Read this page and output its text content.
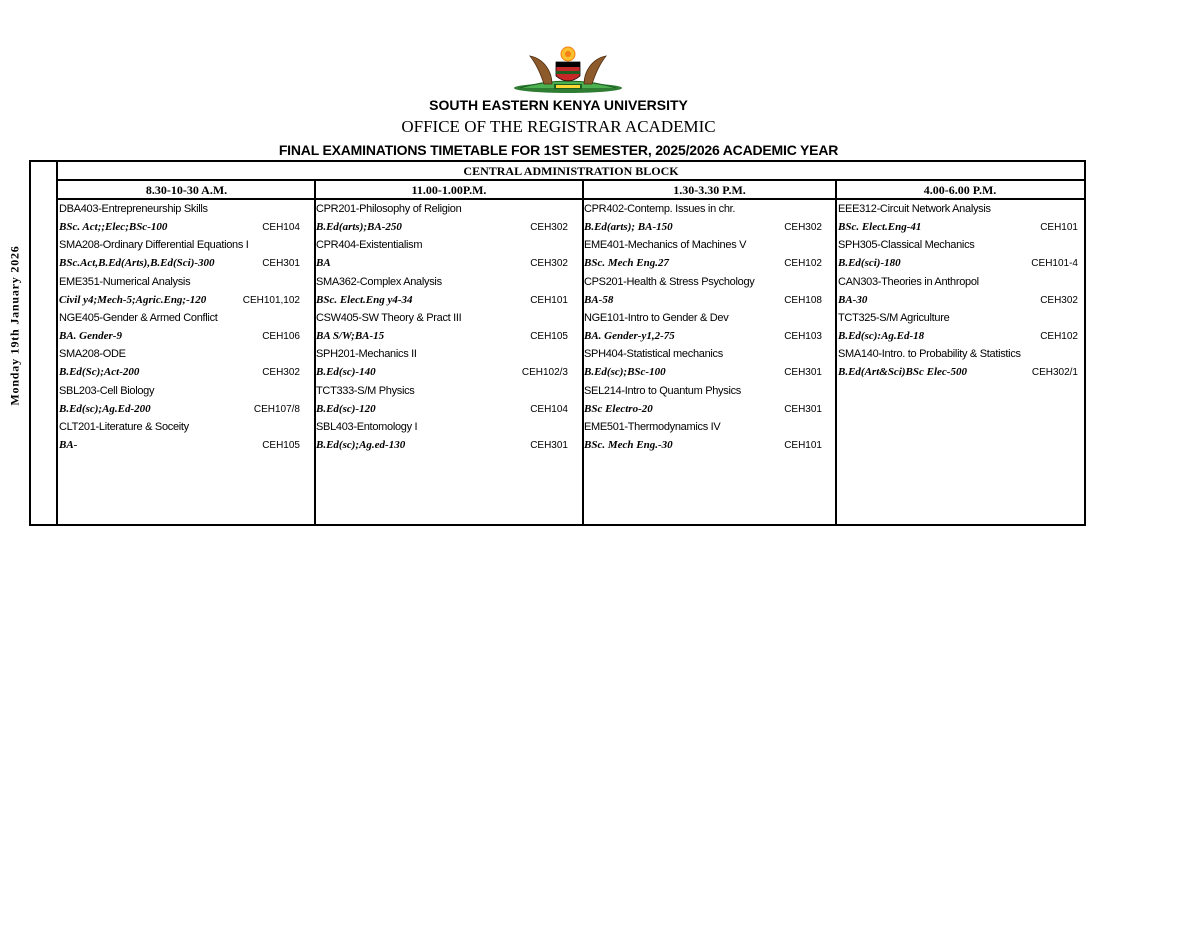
SOUTH EASTERN KENYA UNIVERSITY
OFFICE OF THE REGISTRAR ACADEMIC
FINAL EXAMINATIONS TIMETABLE FOR 1ST SEMESTER, 2025/2026 ACADEMIC YEAR
Monday 19th January 2026
CENTRAL ADMINISTRATION BLOCK
8.30-10-30 A.M.	11.00-1.00P.M.	1.30-3.30 P.M.	4.00-6.00 P.M.
DBA403-Entrepreneurship Skills
BSc. Act;;Elec;BSc-100	CEH104
SMA208-Ordinary Differential Equations I
BSc.Act,B.Ed(Arts),B.Ed(Sci)-300	CEH301
EME351-Numerical Analysis
Civil y4;Mech-5;Agric.Eng;-120	CEH101,102
NGE405-Gender & Armed Conflict
BA. Gender-9	CEH106
SMA208-ODE
B.Ed(Sc);Act-200	CEH302
SBL203-Cell Biology
B.Ed(sc);Ag.Ed-200	CEH107/8
CLT201-Literature & Soceity
BA-	CEH105
CPR201-Philosophy of Religion
B.Ed(arts);BA-250	CEH302
CPR404-Existentialism
BA	CEH302
SMA362-Complex Analysis
BSc. Elect.Eng y4-34	CEH101
CSW405-SW Theory & Pract III
BA S/W;BA-15	CEH105
SPH201-Mechanics II
B.Ed(sc)-140	CEH102/3
TCT333-S/M Physics
B.Ed(sc)-120	CEH104
SBL403-Entomology I
B.Ed(sc);Ag.ed-130	CEH301
CPR402-Contemp. Issues in chr.
B.Ed(arts); BA-150	CEH302
EME401-Mechanics of Machines V
BSc. Mech Eng.27	CEH102
CPS201-Health & Stress Psychology
BA-58	CEH108
NGE101-Intro to Gender & Dev
BA. Gender-y1,2-75	CEH103
SPH404-Statistical mechanics
B.Ed(sc);BSc-100	CEH301
SEL214-Intro to Quantum Physics
BSc Electro-20	CEH301
EME501-Thermodynamics IV
BSc. Mech Eng.-30	CEH101
EEE312-Circuit Network Analysis
BSc. Elect.Eng-41	CEH101
SPH305-Classical Mechanics
B.Ed(sci)-180	CEH101-4
CAN303-Theories in Anthropol
BA-30	CEH302
TCT325-S/M Agriculture
B.Ed(sc):Ag.Ed-18	CEH102
SMA140-Intro. to Probability & Statistics
B.Ed(Art&Sci)BSc Elec-500	CEH302/1
